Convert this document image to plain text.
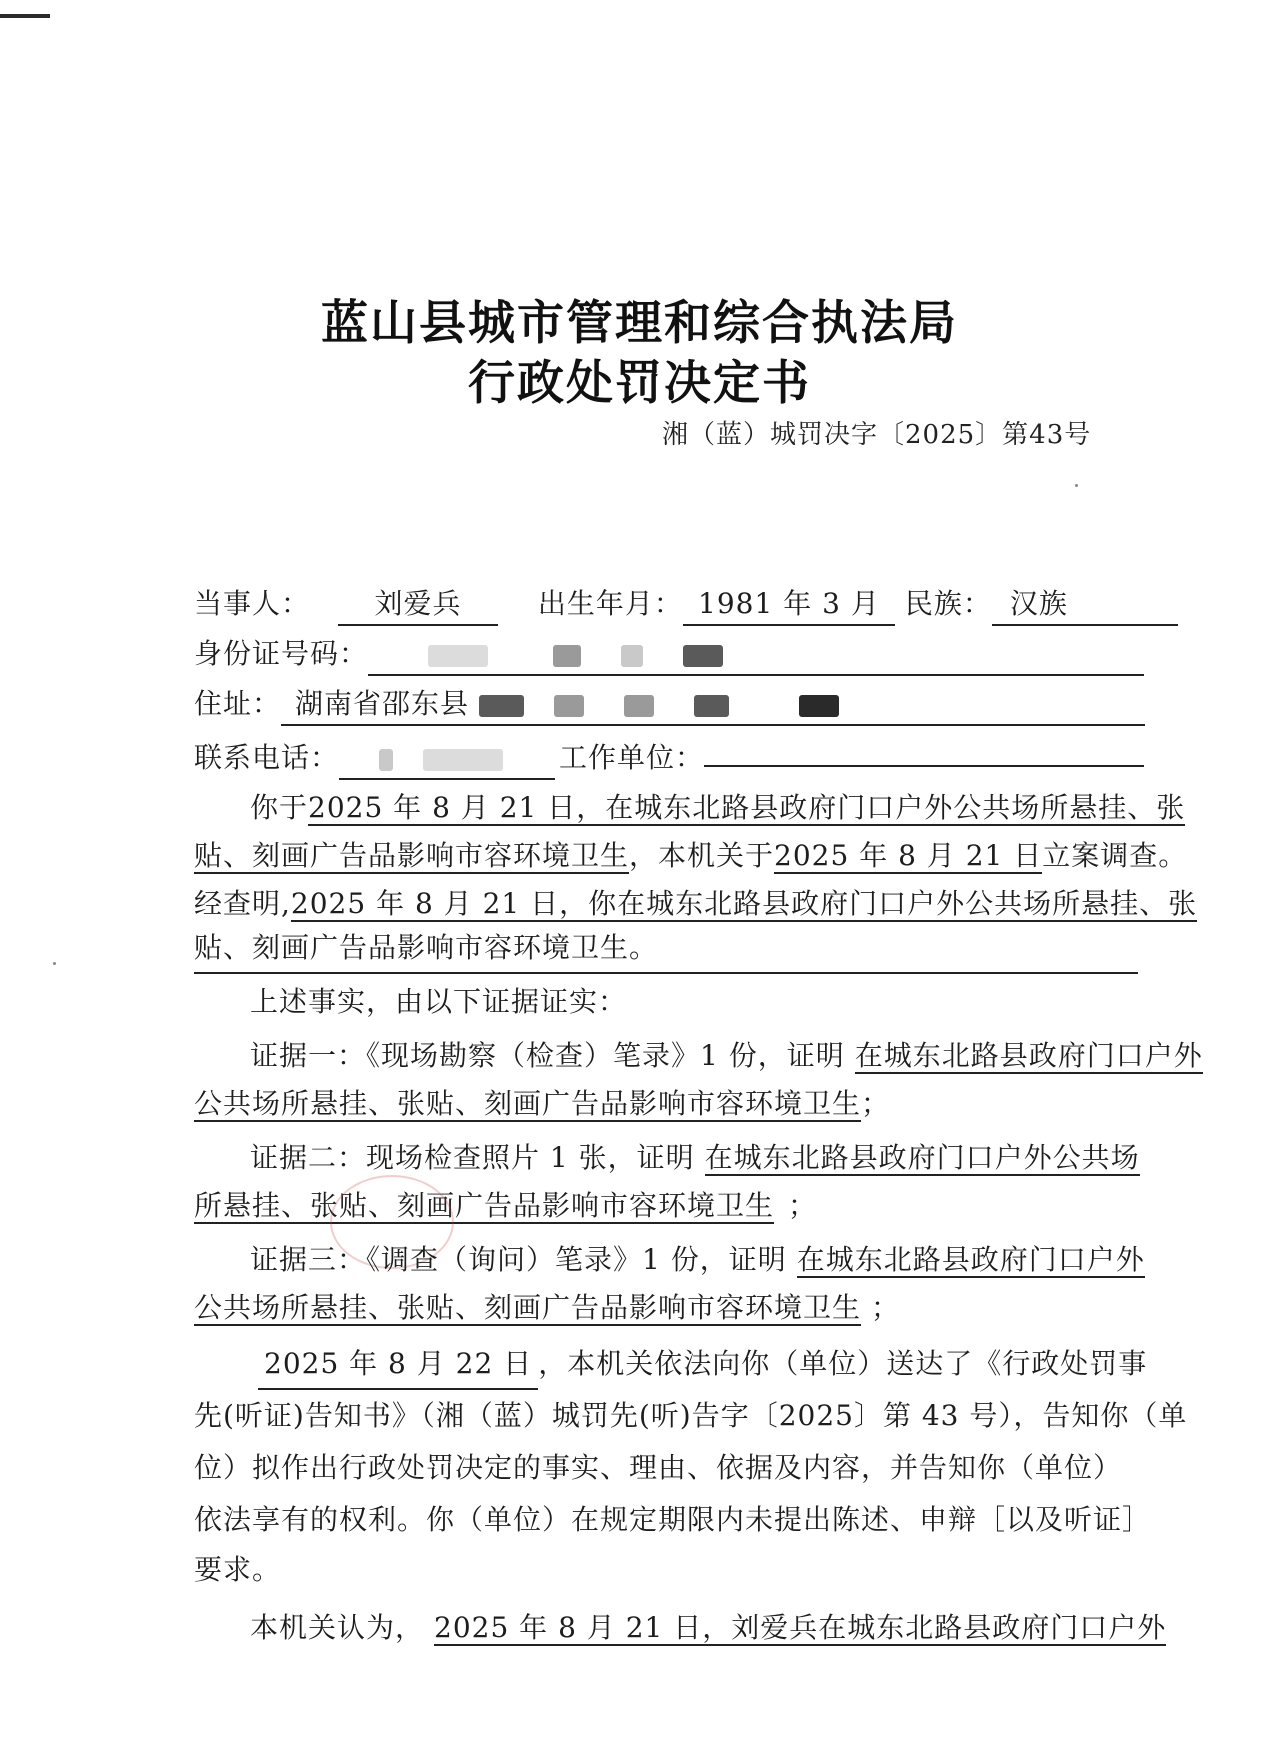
蓝山县城市管理和综合执法局
行政处罚决定书
湘（蓝）城罚决字〔2025〕第43号
当事人： 刘爱兵	出生年月： 1981 年 3 月 民族： 汉族
身份证号码：
住址： 湖南省邵东县
联系电话：	工作单位：
你于2025 年 8 月 21 日，在城东北路县政府门口户外公共场所悬挂、张
贴、刻画广告品影响市容环境卫生，本机关于2025 年 8 月 21 日立案调查。
经查明,2025 年 8 月 21 日，你在城东北路县政府门口户外公共场所悬挂、张
贴、刻画广告品影响市容环境卫生。
上述事实，由以下证据证实：
证据一：《现场勘察（检查）笔录》1 份，证明 在城东北路县政府门口户外
公共场所悬挂、张贴、刻画广告品影响市容环境卫生；
证据二：现场检查照片 1 张，证明 在城东北路县政府门口户外公共场
所悬挂、张贴、刻画广告品影响市容环境卫生 ；
证据三：《调查（询问）笔录》1 份，证明 在城东北路县政府门口户外
公共场所悬挂、张贴、刻画广告品影响市容环境卫生 ；
2025 年 8 月 22 日 ，本机关依法向你（单位）送达了《行政处罚事
先(听证)告知书》（湘（蓝）城罚先(听)告字〔2025〕第 43 号），告知你（单
位）拟作出行政处罚决定的事实、理由、依据及内容，并告知你（单位）
依法享有的权利。你（单位）在规定期限内未提出陈述、申辩［以及听证］
要求。
本机关认为， 2025 年 8 月 21 日，刘爱兵在城东北路县政府门口户外
